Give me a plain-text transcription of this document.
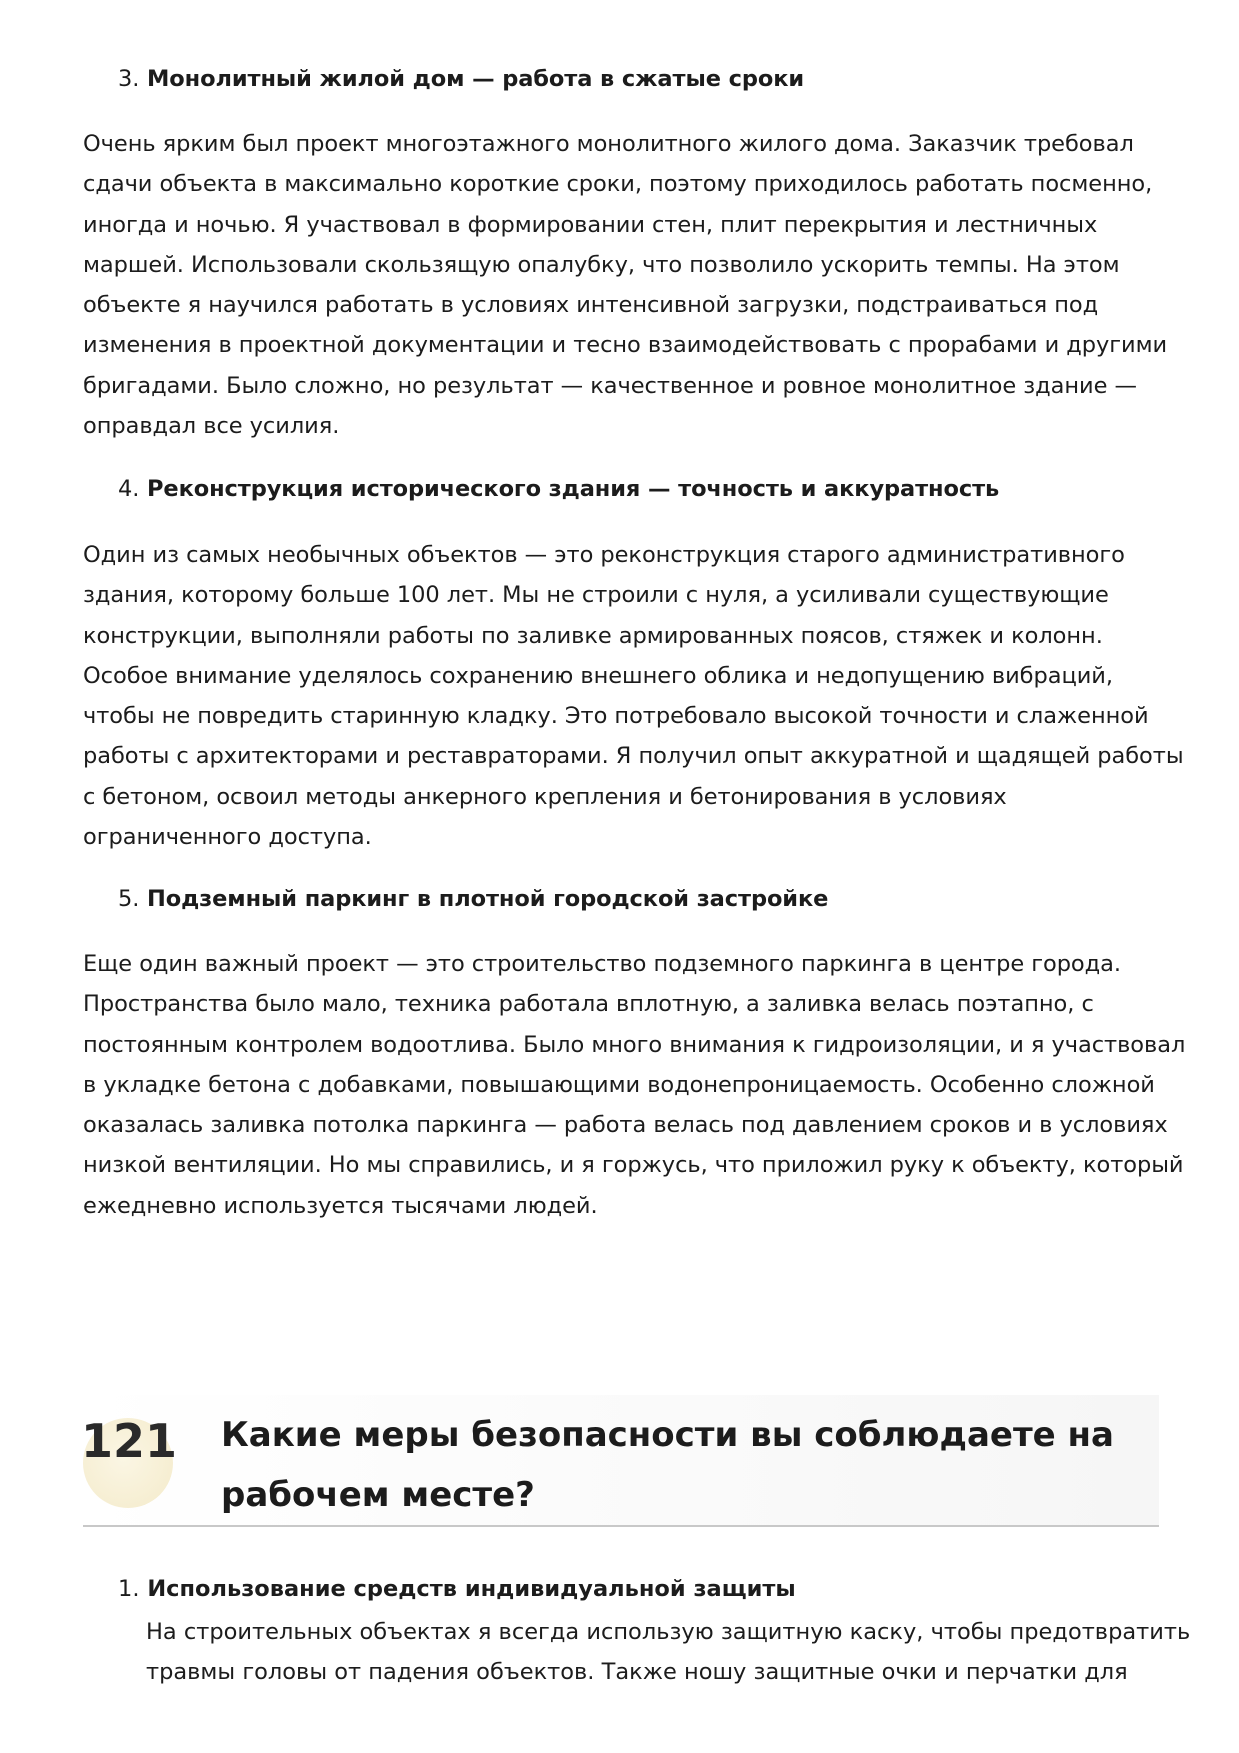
3. Монолитный жилой дом — работа в сжатые сроки
Очень ярким был проект многоэтажного монолитного жилого дома. Заказчик требовал
сдачи объекта в максимально короткие сроки, поэтому приходилось работать посменно,
иногда и ночью. Я участвовал в формировании стен, плит перекрытия и лестничных
маршей. Использовали скользящую опалубку, что позволило ускорить темпы. На этом
объекте я научился работать в условиях интенсивной загрузки, подстраиваться под
изменения в проектной документации и тесно взаимодействовать с прорабами и другими
бригадами. Было сложно, но результат — качественное и ровное монолитное здание —
оправдал все усилия.
4. Реконструкция исторического здания — точность и аккуратность
Один из самых необычных объектов — это реконструкция старого административного
здания, которому больше 100 лет. Мы не строили с нуля, а усиливали существующие
конструкции, выполняли работы по заливке армированных поясов, стяжек и колонн.
Особое внимание уделялось сохранению внешнего облика и недопущению вибраций,
чтобы не повредить старинную кладку. Это потребовало высокой точности и слаженной
работы с архитекторами и реставраторами. Я получил опыт аккуратной и щадящей работы
с бетоном, освоил методы анкерного крепления и бетонирования в условиях
ограниченного доступа.
5. Подземный паркинг в плотной городской застройке
Еще один важный проект — это строительство подземного паркинга в центре города.
Пространства было мало, техника работала вплотную, а заливка велась поэтапно, с
постоянным контролем водоотлива. Было много внимания к гидроизоляции, и я участвовал
в укладке бетона с добавками, повышающими водонепроницаемость. Особенно сложной
оказалась заливка потолка паркинга — работа велась под давлением сроков и в условиях
низкой вентиляции. Но мы справились, и я горжусь, что приложил руку к объекту, который
ежедневно используется тысячами людей.
121 Какие меры безопасности вы соблюдаете на
рабочем месте?
1. Использование средств индивидуальной защиты
На строительных объектах я всегда использую защитную каску, чтобы предотвратить
травмы головы от падения объектов. Также ношу защитные очки и перчатки для
